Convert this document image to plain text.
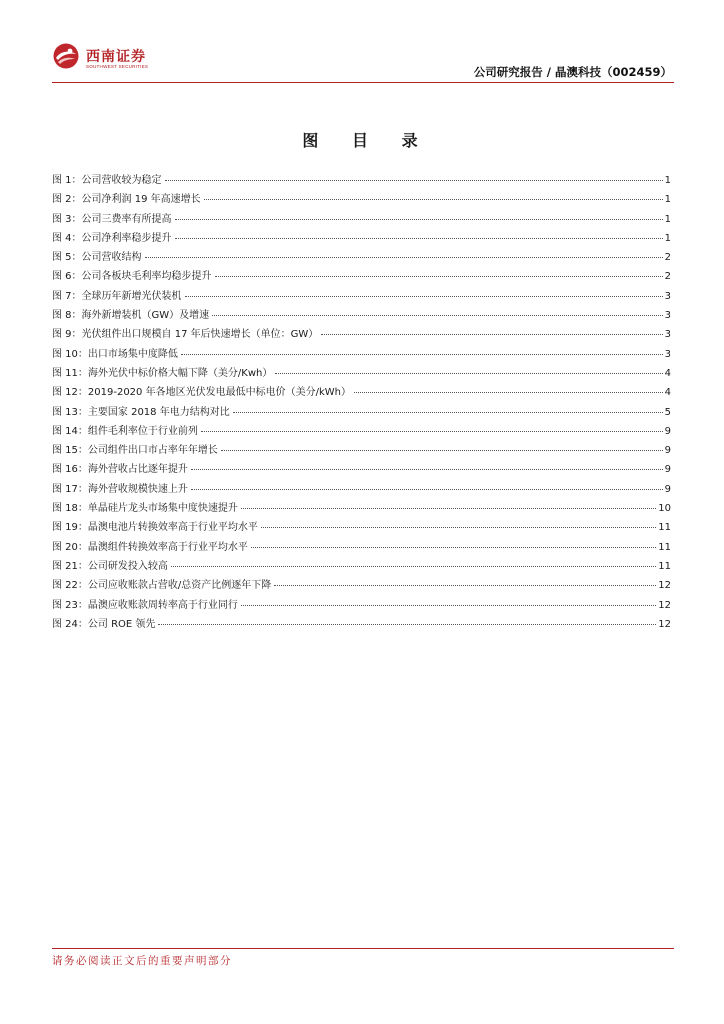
西南证券
SOUTHWEST SECURITIES	公司研究报告 / 晶澳科技（002459）
图 目 录
图 1：公司营收较为稳定	1
图 2：公司净利润 19 年高速增长	1
图 3：公司三费率有所提高	1
图 4：公司净利率稳步提升	1
图 5：公司营收结构	2
图 6：公司各板块毛利率均稳步提升	2
图 7：全球历年新增光伏装机	3
图 8：海外新增装机（GW）及增速	3
图 9：光伏组件出口规模自 17 年后快速增长（单位：GW）	3
图 10：出口市场集中度降低	3
图 11：海外光伏中标价格大幅下降（美分/Kwh）	4
图 12：2019-2020 年各地区光伏发电最低中标电价（美分/kWh）	4
图 13：主要国家 2018 年电力结构对比	5
图 14：组件毛利率位于行业前列	9
图 15：公司组件出口市占率年年增长	9
图 16：海外营收占比逐年提升	9
图 17：海外营收规模快速上升	9
图 18：单晶硅片龙头市场集中度快速提升	10
图 19：晶澳电池片转换效率高于行业平均水平	11
图 20：晶澳组件转换效率高于行业平均水平	11
图 21：公司研发投入较高	11
图 22：公司应收账款占营收/总资产比例逐年下降	12
图 23：晶澳应收账款周转率高于行业同行	12
图 24：公司 ROE 领先	12
请务必阅读正文后的重要声明部分
